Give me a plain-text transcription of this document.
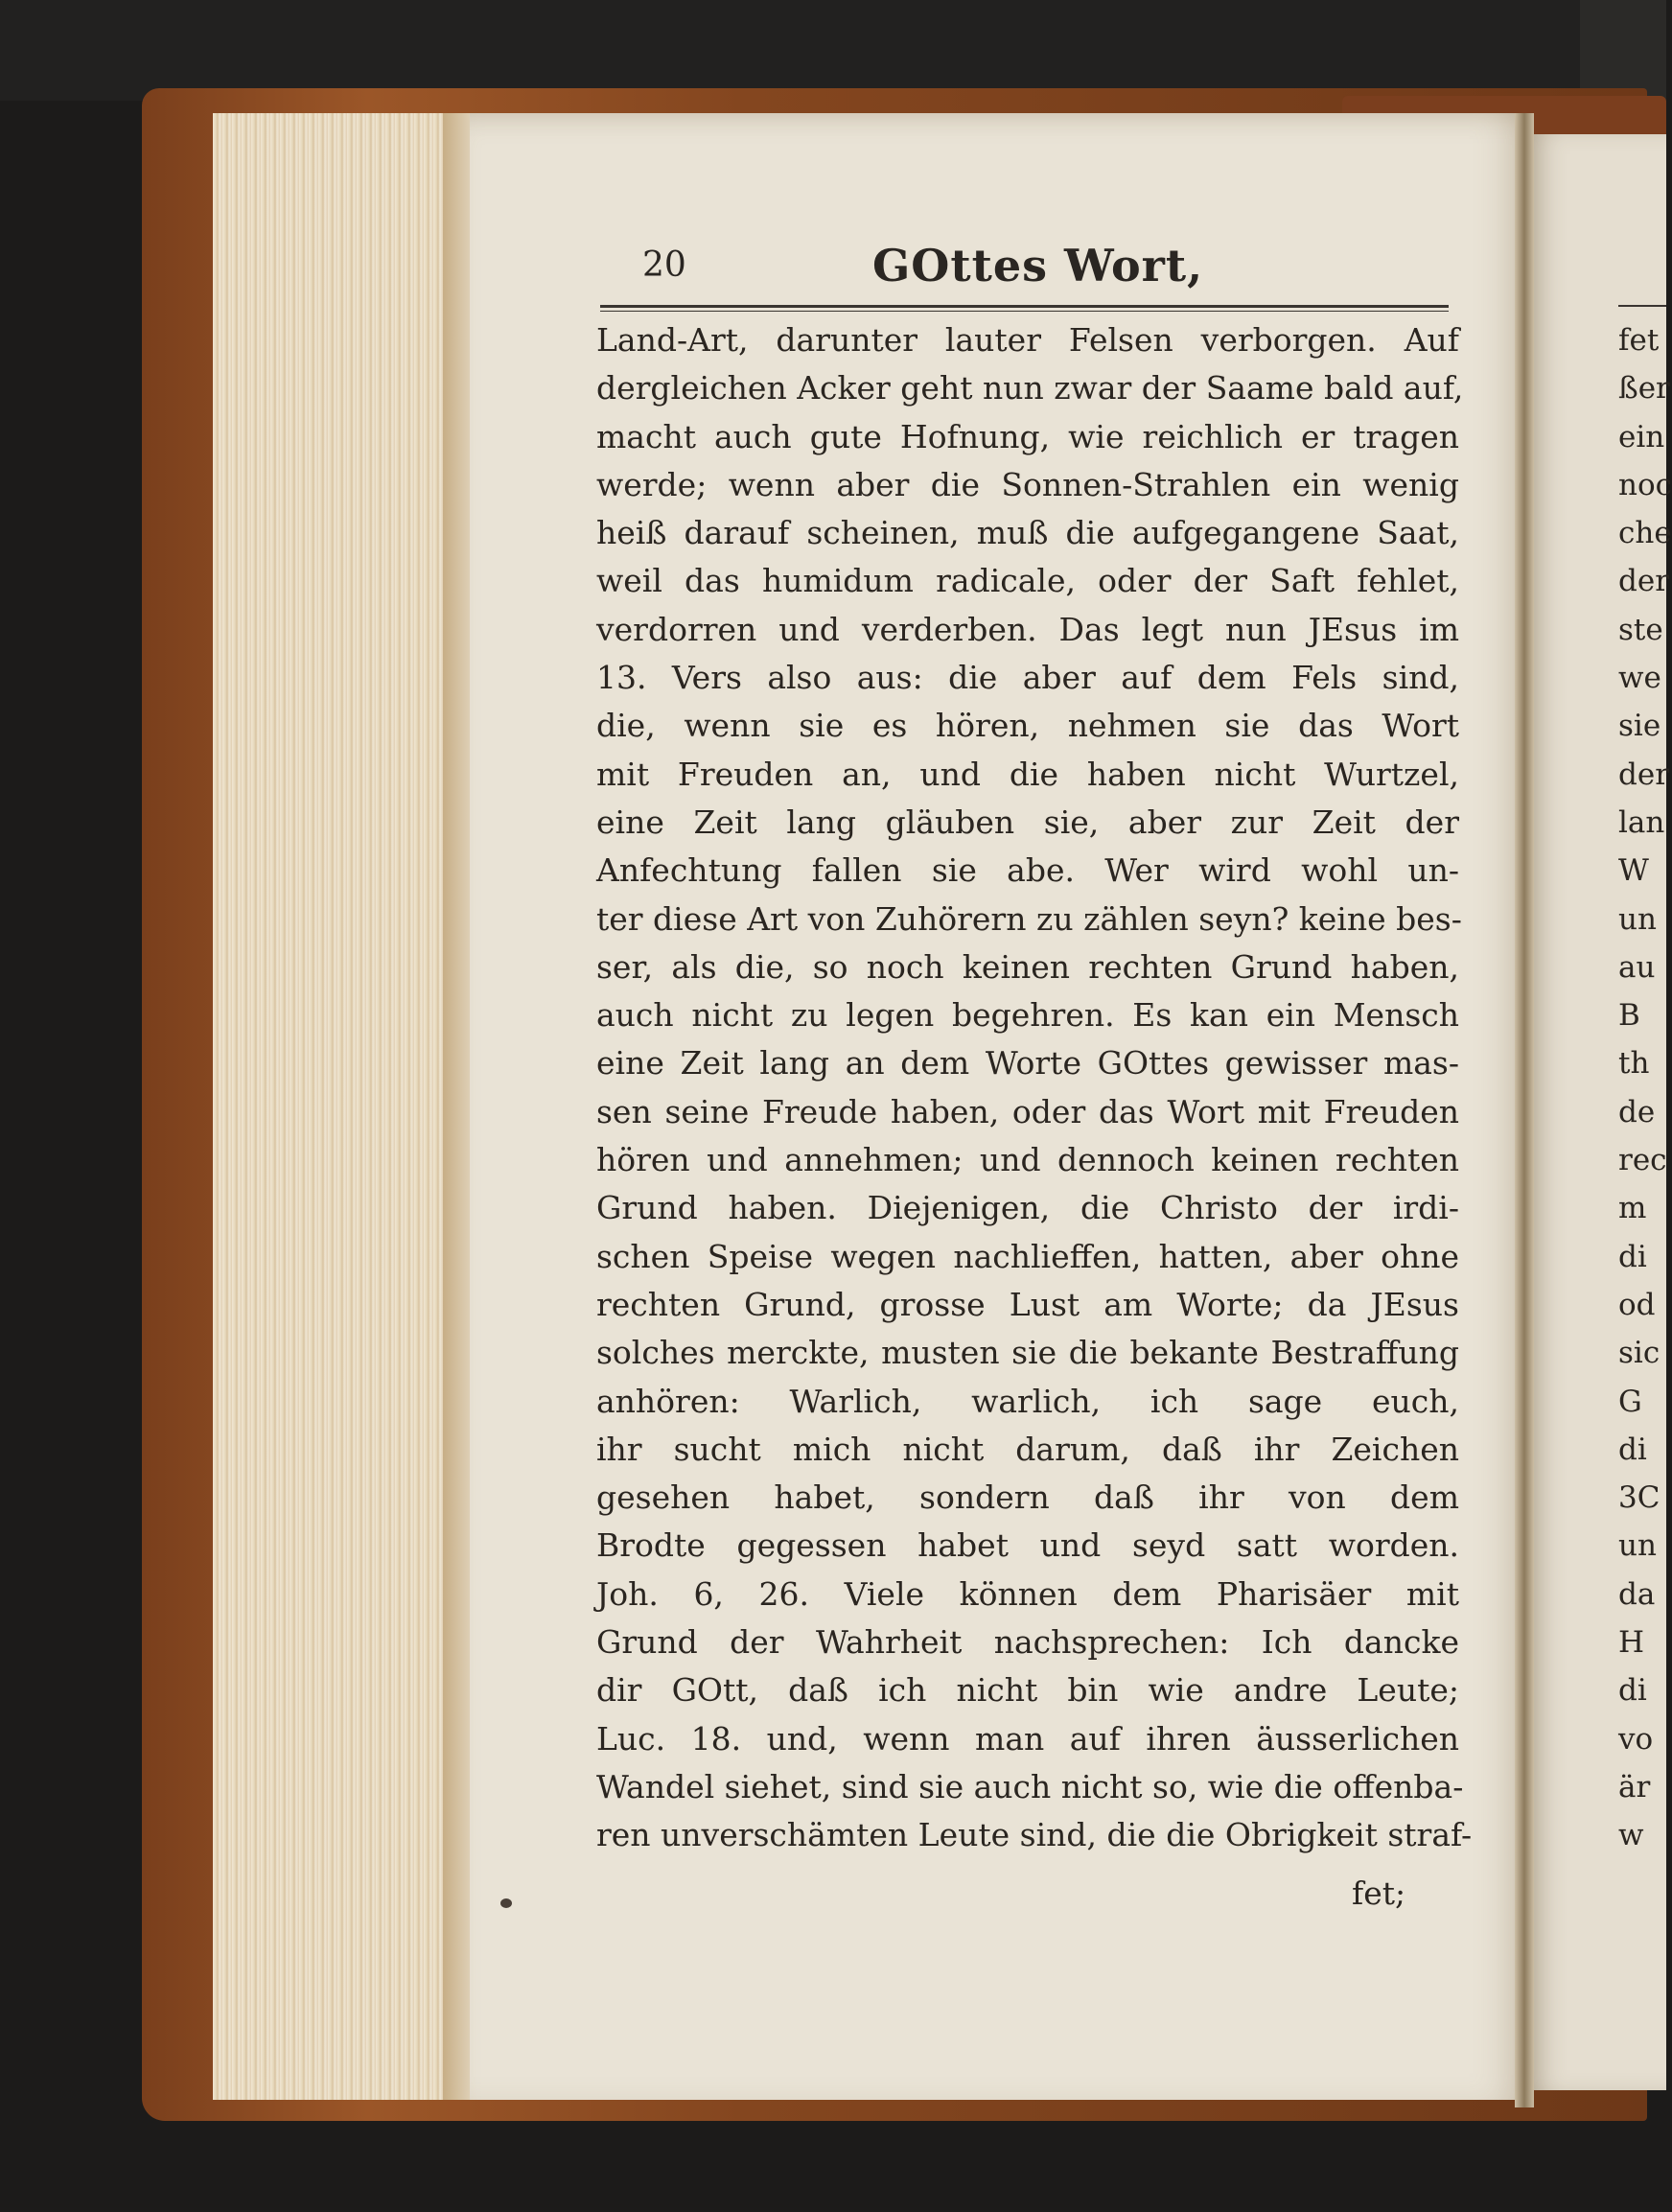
20	GOttes Wort,
Land-Art, darunter lauter Felsen verborgen. Auf
dergleichen Acker geht nun zwar der Saame bald auf,
macht auch gute Hofnung, wie reichlich er tragen
werde; wenn aber die Sonnen-Strahlen ein wenig
heiß darauf scheinen, muß die aufgegangene Saat,
weil das humidum radicale, oder der Saft fehlet,
verdorren und verderben. Das legt nun JEsus im
13. Vers also aus: die aber auf dem Fels sind,
die, wenn sie es hören, nehmen sie das Wort
mit Freuden an, und die haben nicht Wurtzel,
eine Zeit lang gläuben sie, aber zur Zeit der
Anfechtung fallen sie abe. Wer wird wohl un-
ter diese Art von Zuhörern zu zählen seyn? keine bes-
ser, als die, so noch keinen rechten Grund haben,
auch nicht zu legen begehren. Es kan ein Mensch
eine Zeit lang an dem Worte GOttes gewisser mas-
sen seine Freude haben, oder das Wort mit Freuden
hören und annehmen; und dennoch keinen rechten
Grund haben. Diejenigen, die Christo der irdi-
schen Speise wegen nachlieffen, hatten, aber ohne
rechten Grund, grosse Lust am Worte; da JEsus
solches merckte, musten sie die bekante Bestraffung
anhören: Warlich, warlich, ich sage euch,
ihr sucht mich nicht darum, daß ihr Zeichen
gesehen habet, sondern daß ihr von dem
Brodte gegessen habet und seyd satt worden.
Joh. 6, 26. Viele können dem Pharisäer mit
Grund der Wahrheit nachsprechen: Ich dancke
dir GOtt, daß ich nicht bin wie andre Leute;
Luc. 18. und, wenn man auf ihren äusserlichen
Wandel siehet, sind sie auch nicht so, wie die offenba-
ren unverschämten Leute sind, die die Obrigkeit straf-
fet;
fet
ßer
ein
noc
che
der
ste
we
sie
der
lan
W
un
au
B
th
de
rec
m
di
od
sic
G
di
3C
un
da
H
di
vo
är
w
